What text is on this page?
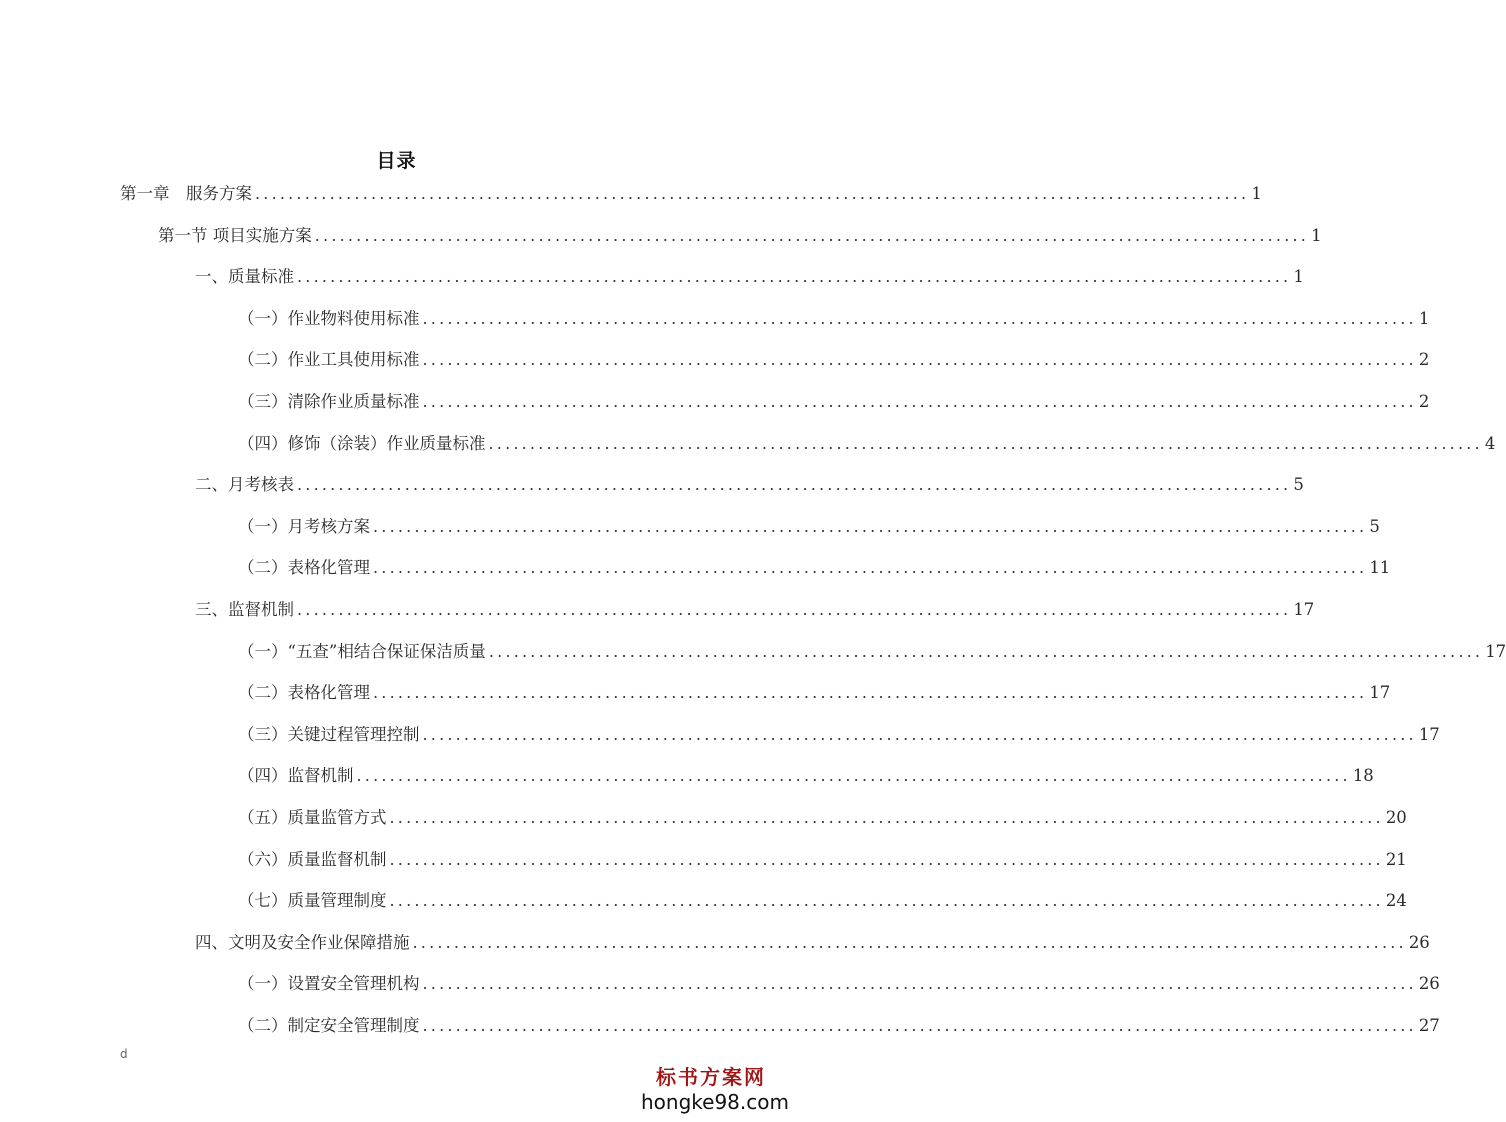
目录
第一章　服务方案 ........................................................................................................................ 1
第一节 项目实施方案 ........................................................................................................................ 1
一、质量标准 ........................................................................................................................ 1
（一）作业物料使用标准 ........................................................................................................................ 1
（二）作业工具使用标准 ........................................................................................................................ 2
（三）清除作业质量标准 ........................................................................................................................ 2
（四）修饰（涂装）作业质量标准 ........................................................................................................................ 4
二、月考核表 ........................................................................................................................ 5
（一）月考核方案 ........................................................................................................................ 5
（二）表格化管理 ........................................................................................................................ 11
三、监督机制 ........................................................................................................................ 17
（一）“五查”相结合保证保洁质量 ........................................................................................................................ 17
（二）表格化管理 ........................................................................................................................ 17
（三）关键过程管理控制 ........................................................................................................................ 17
（四）监督机制 ........................................................................................................................ 18
（五）质量监管方式 ........................................................................................................................ 20
（六）质量监督机制 ........................................................................................................................ 21
（七）质量管理制度 ........................................................................................................................ 24
四、文明及安全作业保障措施 ........................................................................................................................ 26
（一）设置安全管理机构 ........................................................................................................................ 26
（二）制定安全管理制度 ........................................................................................................................ 27
d
标书方案网
hongke98.com
